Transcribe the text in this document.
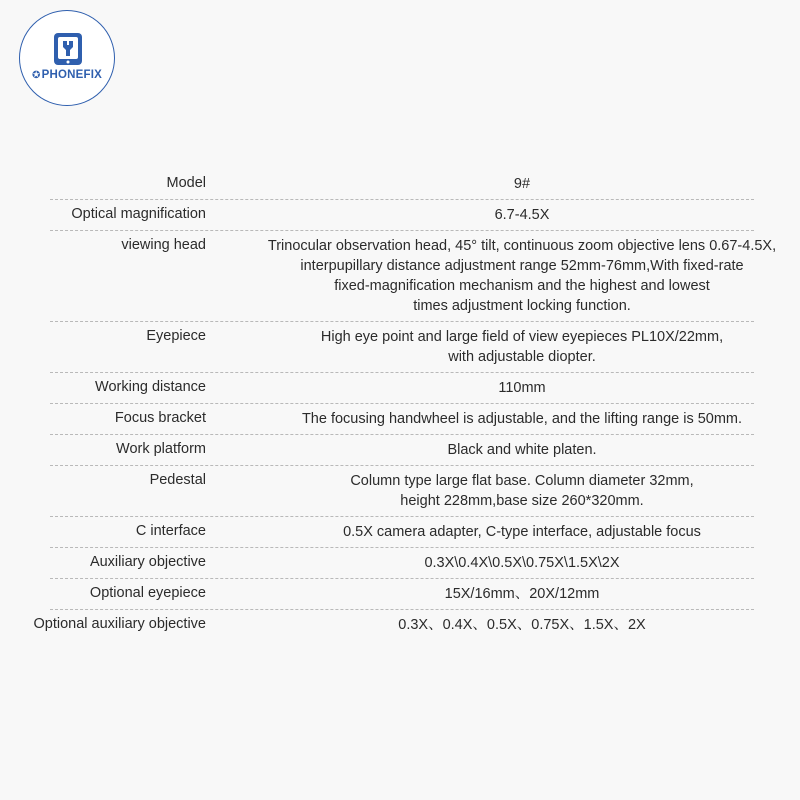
✪PHONEFIX
Model	9#
Optical magnification	6.7-4.5X
viewing head	Trinocular observation head, 45° tilt, continuous zoom objective lens 0.67-4.5X,
interpupillary distance adjustment range 52mm-76mm,With fixed-rate
fixed-magnification mechanism and the highest and lowest
times adjustment locking function.
Eyepiece	High eye point and large field of view eyepieces PL10X/22mm,
with adjustable diopter.
Working distance	110mm
Focus bracket	The focusing handwheel is adjustable, and the lifting range is 50mm.
Work platform	Black and white platen.
Pedestal	Column type large flat base. Column diameter 32mm,
height 228mm,base size 260*320mm.
C interface	0.5X camera adapter, C-type interface, adjustable focus
Auxiliary objective	0.3X\0.4X\0.5X\0.75X\1.5X\2X
Optional eyepiece	15X/16mm、20X/12mm
Optional auxiliary objective	0.3X、0.4X、0.5X、0.75X、1.5X、2X
